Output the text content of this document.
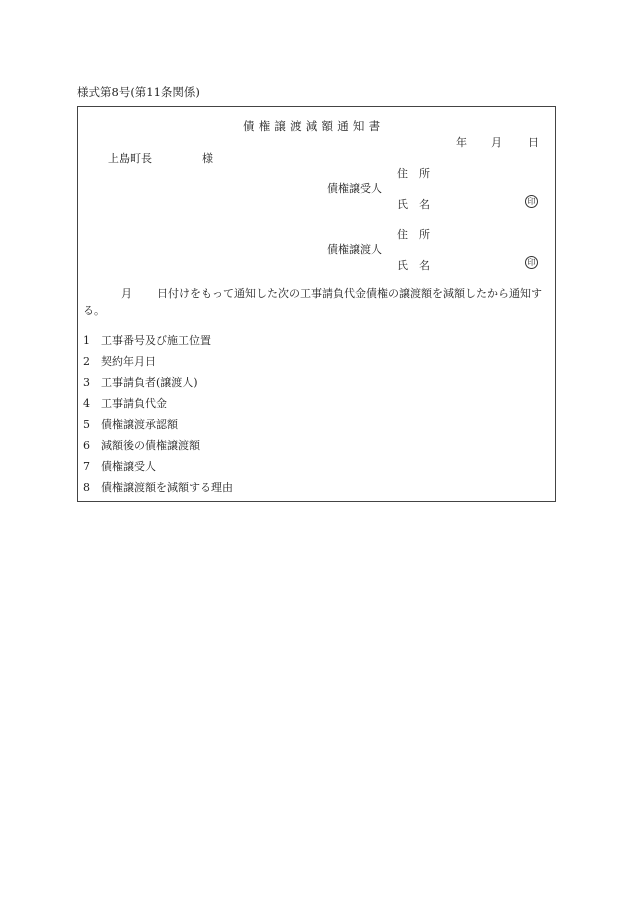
様式第8号(第11条関係)
債権譲渡減額通知書
年 月 日
上島町長	様
住　所
債権譲受人
氏　名	印
住　所
債権譲渡人
氏　名	印
月 日付けをもって通知した次の工事請負代金債権の譲渡額を減額したから通知する。
1 工事番号及び施工位置
2 契約年月日
3 工事請負者(譲渡人)
4 工事請負代金
5 債権譲渡承認額
6 減額後の債権譲渡額
7 債権譲受人
8 債権譲渡額を減額する理由
